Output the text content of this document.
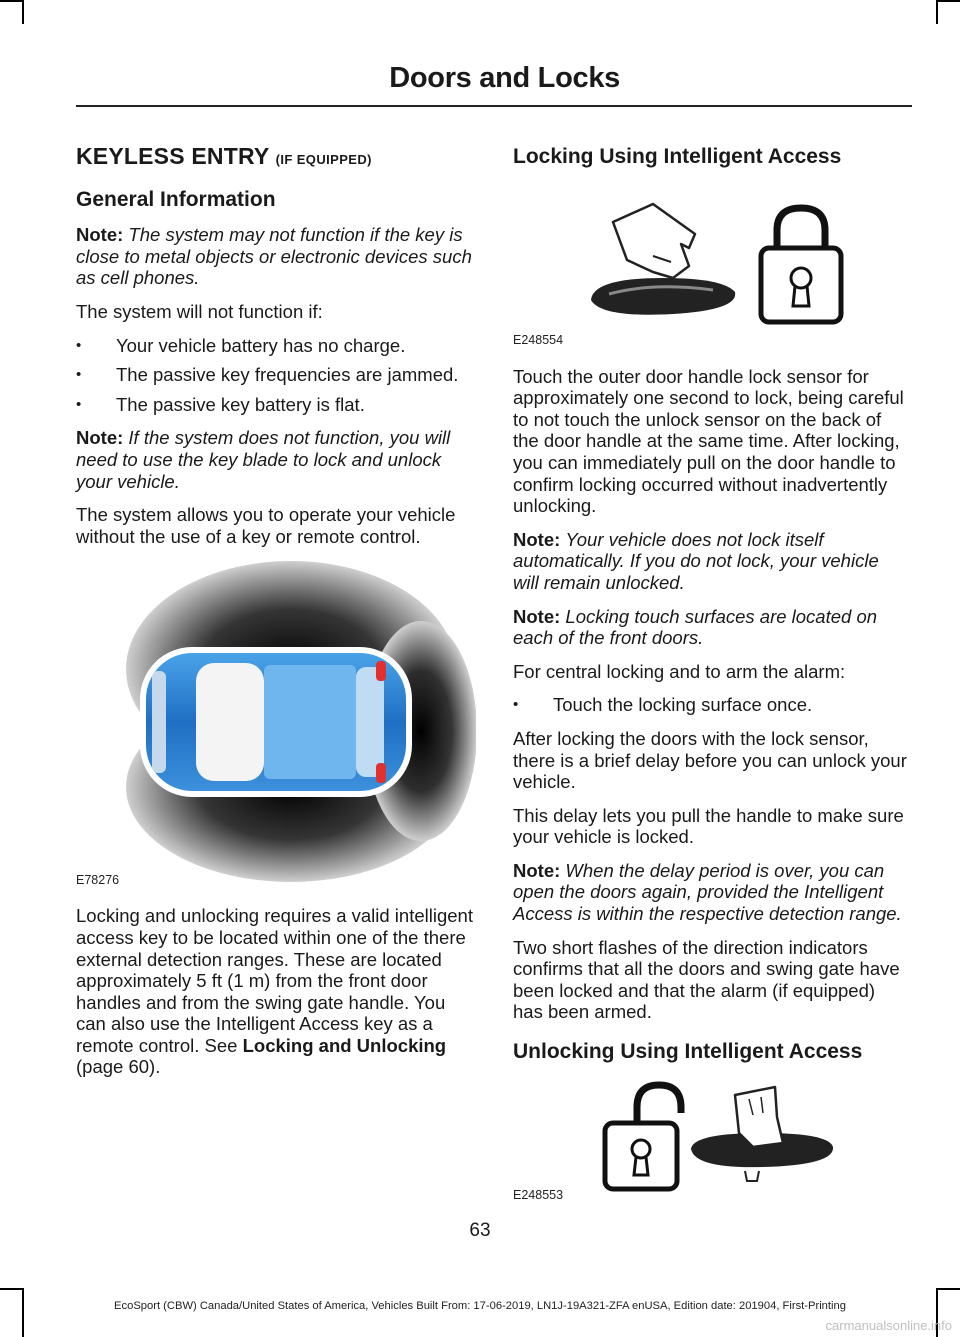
Doors and Locks
KEYLESS ENTRY (IF EQUIPPED)
General Information

Note: The system may not function if the key is close to metal objects or electronic devices such as cell phones.

The system will not function if:

• Your vehicle battery has no charge.
• The passive key frequencies are jammed.
• The passive key battery is flat.

Note: If the system does not function, you will need to use the key blade to lock and unlock your vehicle.

The system allows you to operate your vehicle without the use of a key or remote control.

E78276

Locking and unlocking requires a valid intelligent access key to be located within one of the there external detection ranges. These are located approximately 5 ft (1 m) from the front door handles and from the swing gate handle. You can also use the Intelligent Access key as a remote control. See Locking and Unlocking (page 60).

Locking Using Intelligent Access
E248554

Touch the outer door handle lock sensor for approximately one second to lock, being careful to not touch the unlock sensor on the back of the door handle at the same time. After locking, you can immediately pull on the door handle to confirm locking occurred without inadvertently unlocking.

Note: Your vehicle does not lock itself automatically. If you do not lock, your vehicle will remain unlocked.

Note: Locking touch surfaces are located on each of the front doors.

For central locking and to arm the alarm:

• Touch the locking surface once.

After locking the doors with the lock sensor, there is a brief delay before you can unlock your vehicle.

This delay lets you pull the handle to make sure your vehicle is locked.

Note: When the delay period is over, you can open the doors again, provided the Intelligent Access is within the respective detection range.

Two short flashes of the direction indicators confirms that all the doors and swing gate have been locked and that the alarm (if equipped) has been armed.

Unlocking Using Intelligent Access
E248553
63
EcoSport (CBW) Canada/United States of America, Vehicles Built From: 17-06-2019, LN1J-19A321-ZFA enUSA, Edition date: 201904, First-Printing
carmanualsonline.info
